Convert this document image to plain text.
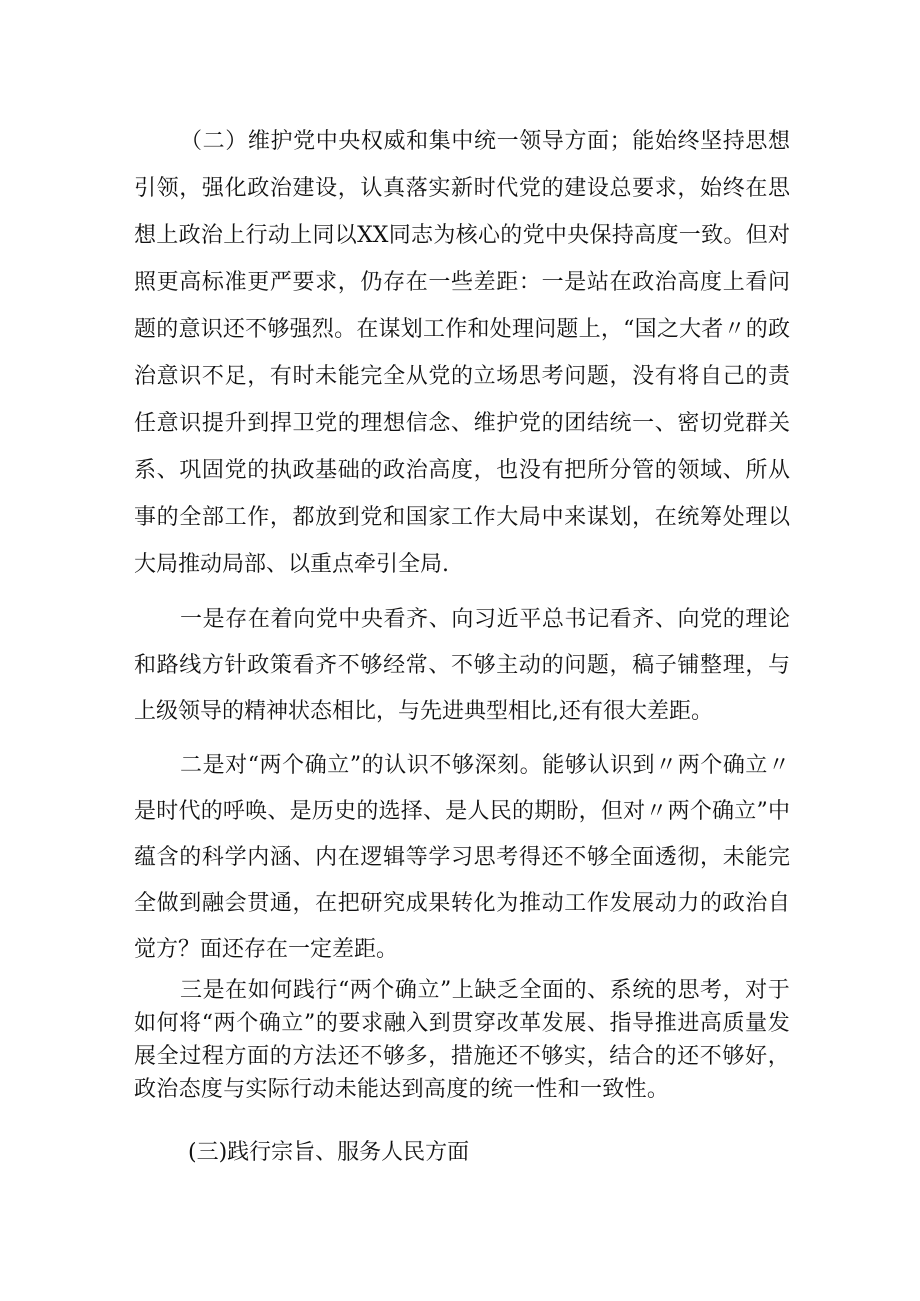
（二）维护党中央权威和集中统一领导方面；能始终坚持思想引领，强化政治建设，认真落实新时代党的建设总要求，始终在思想上政治上行动上同以XX同志为核心的党中央保持高度一致。但对照更高标准更严要求，仍存在一些差距：一是站在政治高度上看问题的意识还不够强烈。在谋划工作和处理问题上，“国之大者〃的政治意识不足，有时未能完全从党的立场思考问题，没有将自己的责任意识提升到捍卫党的理想信念、维护党的团结统一、密切党群关系、巩固党的执政基础的政治高度，也没有把所分管的领域、所从事的全部工作，都放到党和国家工作大局中来谋划，在统筹处理以大局推动局部、以重点牵引全局.

一是存在着向党中央看齐、向习近平总书记看齐、向党的理论和路线方针政策看齐不够经常、不够主动的问题，稿子铺整理，与上级领导的精神状态相比，与先进典型相比,还有很大差距。

二是对“两个确立”的认识不够深刻。能够认识到〃两个确立〃是时代的呼唤、是历史的选择、是人民的期盼，但对〃两个确立”中蕴含的科学内涵、内在逻辑等学习思考得还不够全面透彻，未能完全做到融会贯通，在把研究成果转化为推动工作发展动力的政治自觉方？面还存在一定差距。

三是在如何践行“两个确立”上缺乏全面的、系统的思考，对于如何将“两个确立”的要求融入到贯穿改革发展、指导推进高质量发展全过程方面的方法还不够多，措施还不够实，结合的还不够好，政治态度与实际行动未能达到高度的统一性和一致性。

(三)践行宗旨、服务人民方面
